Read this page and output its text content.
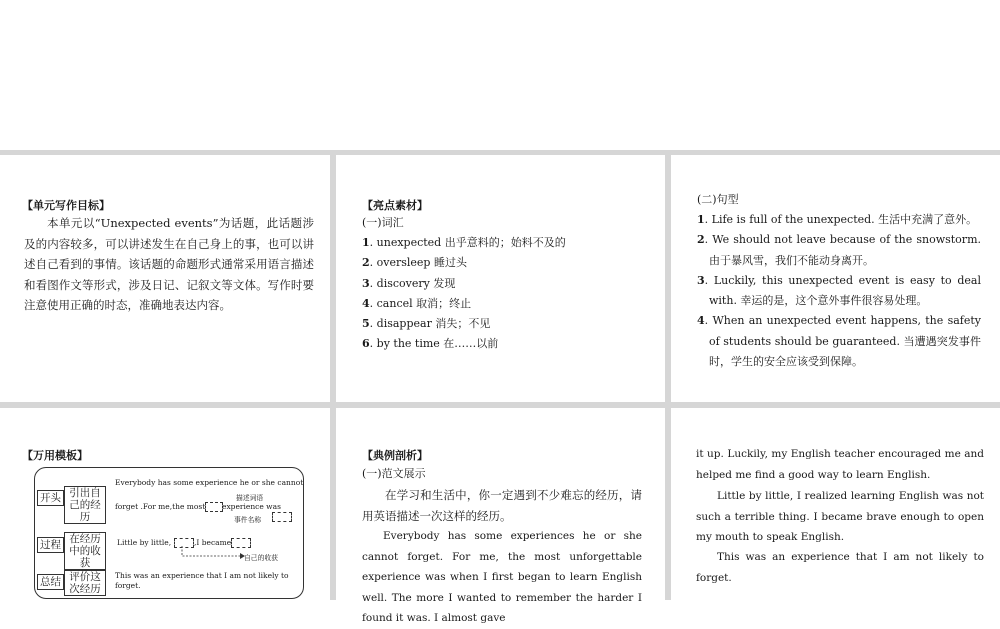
【单元写作目标】

本单元以“Unexpected events”为话题，此话题涉及的内容较多，可以讲述发生在自己身上的事，也可以讲述自己看到的事情。该话题的命题形式通常采用语言描述和看图作文等形式，涉及日记、记叙文等文体。写作时要注意使用正确的时态，准确地表达内容。

【亮点素材】
(一)词汇
1. unexpected 出乎意料的；始料不及的
2. oversleep 睡过头
3. discovery 发现
4. cancel 取消；终止
5. disappear 消失；不见
6. by the time 在……以前
(二)句型
1. Life is full of the unexpected. 生活中充满了意外。
2. We should not leave because of the snowstorm. 由于暴风雪，我们不能动身离开。
3. Luckily, this unexpected event is easy to deal with. 幸运的是，这个意外事件很容易处理。
4. When an unexpected event happens, the safety of students should be guaranteed. 当遭遇突发事件时，学生的安全应该受到保障。
【万用模板】
开头 引出自己的经历
Everybody has some experience he or she cannot
forget .For me,the most experience was
描述词语
事件名称
过程 在经历中的收获
Little by little,	,I became
自己的收获
总结 评价这次经历
This was an experience that I am not likely to forget.
【典例剖析】
(一)范文展示

在学习和生活中，你一定遇到不少难忘的经历，请用英语描述一次这样的经历。

Everybody has some experiences he or she cannot forget. For me, the most unforgettable experience was when I first began to learn English well. The more I wanted to remember the harder I found it was. I almost gave

it up. Luckily, my English teacher encouraged me and helped me find a good way to learn English.

Little by little, I realized learning English was not such a terrible thing. I became brave enough to open my mouth to speak English.

This was an experience that I am not likely to forget.
